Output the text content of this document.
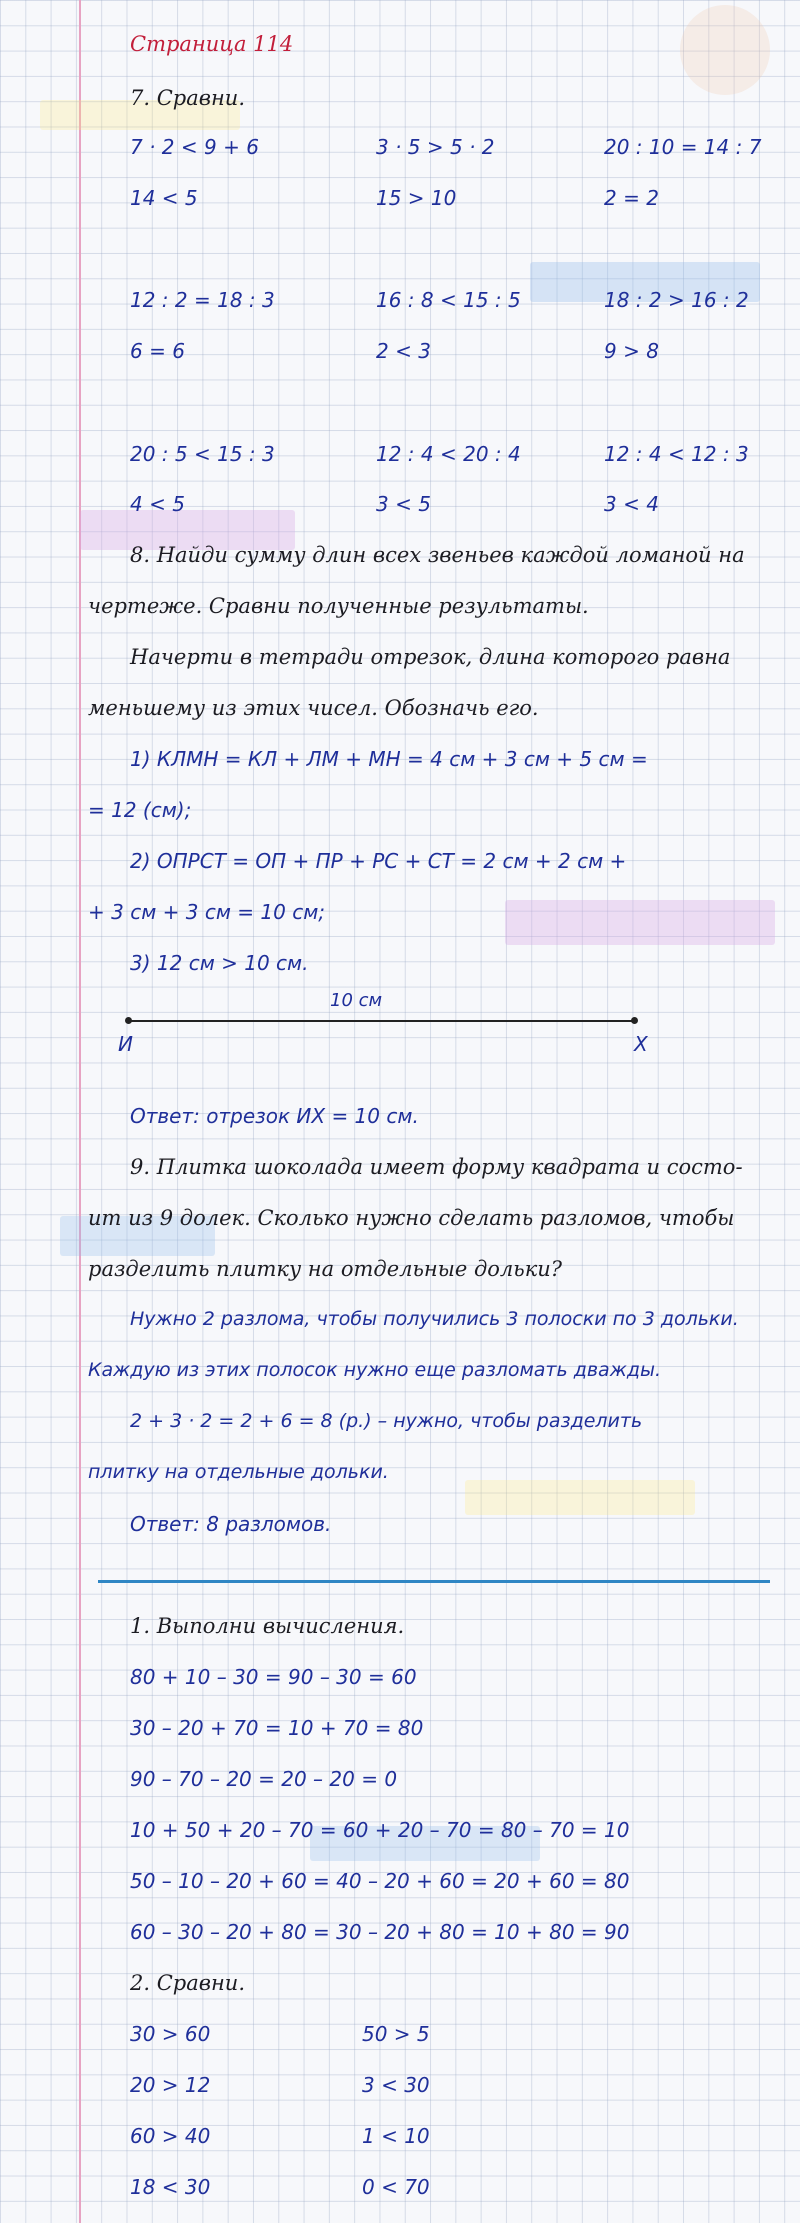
Страница 114
7. Сравни.
7 · 2 < 9 + 6
14 < 5
3 · 5 > 5 · 2
15 > 10
20 : 10 = 14 : 7
2 = 2
12 : 2 = 18 : 3
6 = 6
16 : 8 < 15 : 5
2 < 3
18 : 2 > 16 : 2
9 > 8
20 : 5 < 15 : 3
4 < 5
12 : 4 < 20 : 4
3 < 5
12 : 4 < 12 : 3
3 < 4
8. Найди сумму длин всех звеньев каждой ломаной на
чертеже. Сравни полученные результаты.
Начерти в тетради отрезок, длина которого равна
меньшему из этих чисел. Обозначь его.
1) КЛМН = КЛ + ЛМ + МН = 4 см + 3 см + 5 см =
= 12 (см);
2) ОПРСТ = ОП + ПР + РС + СТ = 2 см + 2 см +
+ 3 см + 3 см = 10 см;
3) 12 см > 10 см.
10 см
И	Х
Ответ: отрезок ИХ = 10 см.
9. Плитка шоколада имеет форму квадрата и состо-
ит из 9 долек. Сколько нужно сделать разломов, чтобы
разделить плитку на отдельные дольки?
Нужно 2 разлома, чтобы получились 3 полоски по 3 дольки.
Каждую из этих полосок нужно еще разломать дважды.
2 + 3 · 2 = 2 + 6 = 8 (р.) – нужно, чтобы разделить
плитку на отдельные дольки.
Ответ: 8 разломов.
1. Выполни вычисления.
80 + 10 – 30 = 90 – 30 = 60
30 – 20 + 70 = 10 + 70 = 80
90 – 70 – 20 = 20 – 20 = 0
10 + 50 + 20 – 70 = 60 + 20 – 70 = 80 – 70 = 10
50 – 10 – 20 + 60 = 40 – 20 + 60 = 20 + 60 = 80
60 – 30 – 20 + 80 = 30 – 20 + 80 = 10 + 80 = 90
2. Сравни.
30 > 60
20 > 12
60 > 40
18 < 30
50 > 5
3 < 30
1 < 10
0 < 70
